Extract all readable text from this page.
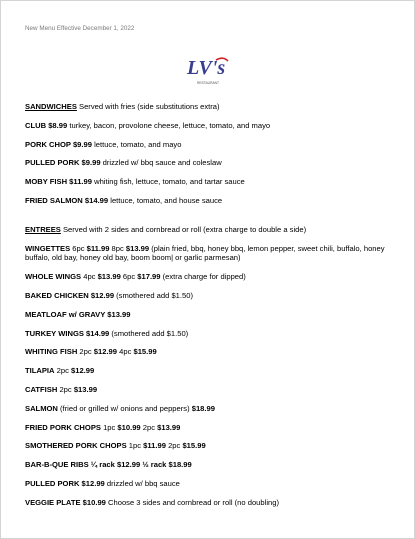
New Menu Effective December 1, 2022
LV's
RESTAURANT
SANDWICHES Served with fries (side substitutions extra)
CLUB $8.99 turkey, bacon, provolone cheese, lettuce, tomato, and mayo
PORK CHOP $9.99 lettuce, tomato, and mayo
PULLED PORK $9.99 drizzled w/ bbq sauce and coleslaw
MOBY FISH $11.99 whiting fish, lettuce, tomato, and tartar sauce
FRIED SALMON $14.99 lettuce, tomato, and house sauce
ENTREES Served with 2 sides and cornbread or roll (extra charge to double a side)
WINGETTES 6pc $11.99 8pc $13.99 (plain fried, bbq, honey bbq, lemon pepper, sweet chili, buffalo, honey buffalo, old bay, honey old bay, boom boom| or garlic parmesan)
WHOLE WINGS 4pc $13.99 6pc $17.99 (extra charge for dipped)
BAKED CHICKEN $12.99 (smothered add $1.50)
MEATLOAF w/ GRAVY $13.99
TURKEY WINGS $14.99 (smothered add $1.50)
WHITING FISH 2pc $12.99 4pc $15.99
TILAPIA 2pc $12.99
CATFISH 2pc $13.99
SALMON (fried or grilled w/ onions and peppers) $18.99
FRIED PORK CHOPS 1pc $10.99 2pc $13.99
SMOTHERED PORK CHOPS 1pc $11.99 2pc $15.99
BAR-B-QUE RIBS ¼ rack $12.99 ½ rack $18.99
PULLED PORK $12.99 drizzled w/ bbq sauce
VEGGIE PLATE $10.99 Choose 3 sides and cornbread or roll (no doubling)
